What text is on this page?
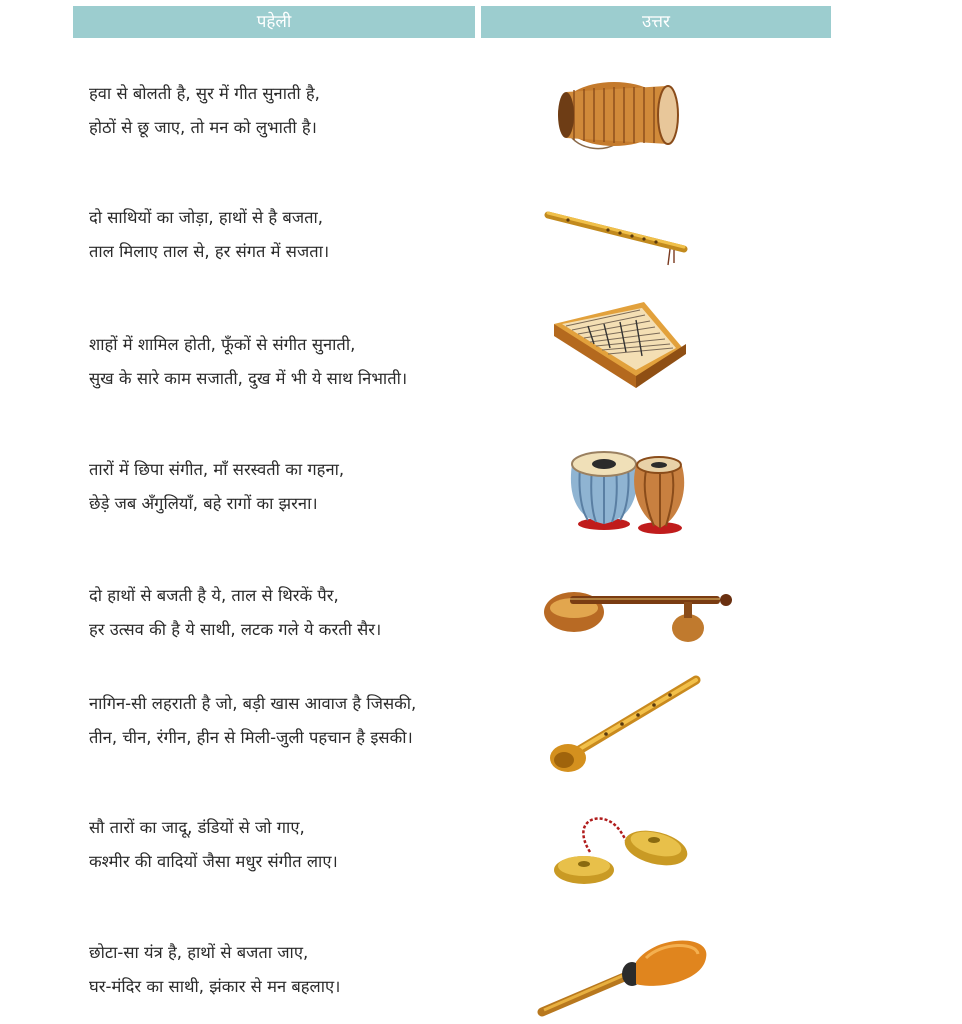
पहेली	उत्तर
हवा से बोलती है, सुर में गीत सुनाती है,
होठों से छू जाए, तो मन को लुभाती है।
दो साथियों का जोड़ा, हाथों से है बजता,
ताल मिलाए ताल से, हर संगत में सजता।
शाहों में शामिल होती, फूँकों से संगीत सुनाती,
सुख के सारे काम सजाती, दुख में भी ये साथ निभाती।
तारों में छिपा संगीत, माँ सरस्वती का गहना,
छेड़े जब अँगुलियाँ, बहे रागों का झरना।
दो हाथों से बजती है ये, ताल से थिरकें पैर,
हर उत्सव की है ये साथी, लटक गले ये करती सैर।
नागिन-सी लहराती है जो, बड़ी खास आवाज है जिसकी,
तीन, चीन, रंगीन, हीन से मिली-जुली पहचान है इसकी।
सौ तारों का जादू, डंडियों से जो गाए,
कश्मीर की वादियों जैसा मधुर संगीत लाए।
छोटा-सा यंत्र है, हाथों से बजता जाए,
घर-मंदिर का साथी, झंकार से मन बहलाए।
